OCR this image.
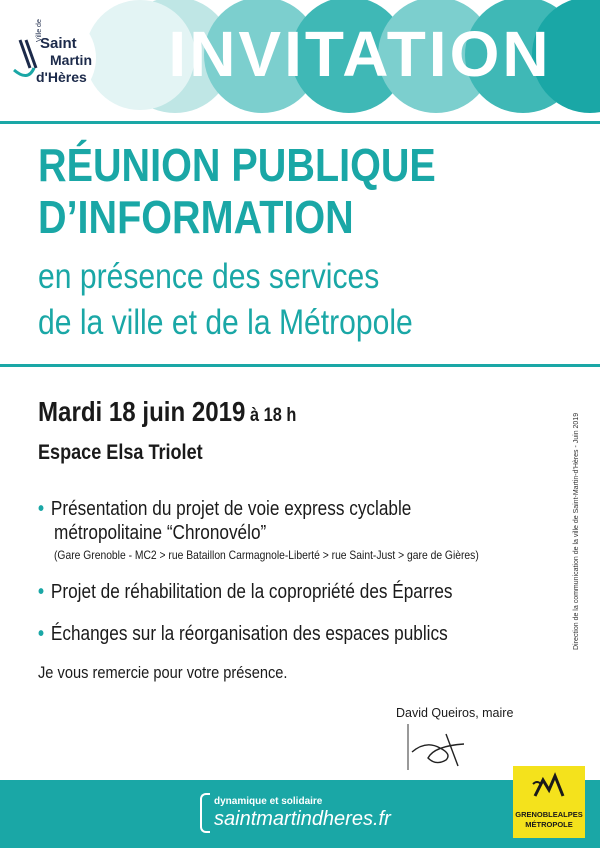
INVITATION
Ville de
Saint
Martin
d'Hères
RÉUNION PUBLIQUE
D’INFORMATION
en présence des services
de la ville et de la Métropole
Mardi 18 juin 2019 à 18 h
Espace Elsa Triolet
• Présentation du projet de voie express cyclable
métropolitaine “Chronovélo”
(Gare Grenoble - MC2 > rue Bataillon Carmagnole-Liberté > rue Saint-Just > gare de Gières)
• Projet de réhabilitation de la copropriété des Éparres
• Échanges sur la réorganisation des espaces publics
Je vous remercie pour votre présence.
Direction de la communication de la ville de Saint-Martin-d'Hères - Juin 2019
David Queiros, maire
dynamique et solidaire
saintmartindheres.fr	GRENOBLEALPES
MÉTROPOLE
